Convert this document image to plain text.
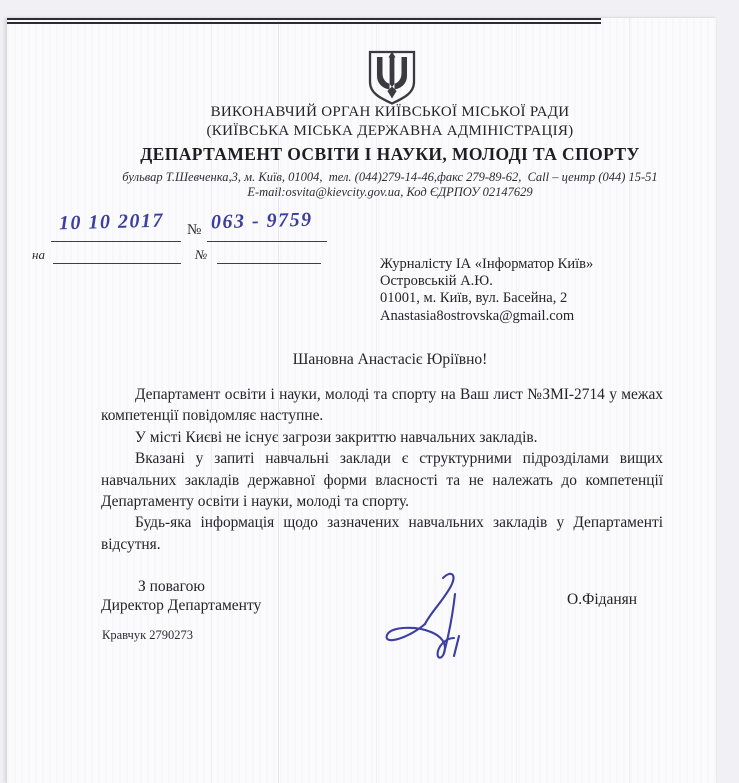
ВИКОНАВЧИЙ ОРГАН КИЇВСЬКОЇ МІСЬКОЇ РАДИ
(КИЇВСЬКА МІСЬКА ДЕРЖАВНА АДМІНІСТРАЦІЯ)
ДЕПАРТАМЕНТ ОСВІТИ І НАУКИ, МОЛОДІ ТА СПОРТУ
бульвар Т.Шевченка,3, м. Київ, 01004,  тел. (044)279-14-46,факс 279-89-62,  Call – центр (044) 15-51
E-mail:osvita@kievcity.gov.ua, Код ЄДРПОУ 02147629
10 10 2017 № 063 - 9759
на	№
Журналісту ІА «Інформатор Київ»
Островській А.Ю.
01001, м. Київ, вул. Басейна, 2
Anastasia8ostrovska@gmail.com
Шановна Анастасіє Юріївно!

Департамент освіти і науки, молоді та спорту на Ваш лист №ЗМІ-2714 у межах компетенції повідомляє наступне.

У місті Києві не існує загрози закриттю навчальних закладів.

Вказані у запиті навчальні заклади є структурними підрозділами вищих навчальних закладів державної форми власності та не належать до компетенції Департаменту освіти і науки, молоді та спорту.

Будь-яка інформація щодо зазначених навчальних закладів у Департаменті відсутня.

З повагою
Директор Департаменту	О.Фіданян
Кравчук 2790273
